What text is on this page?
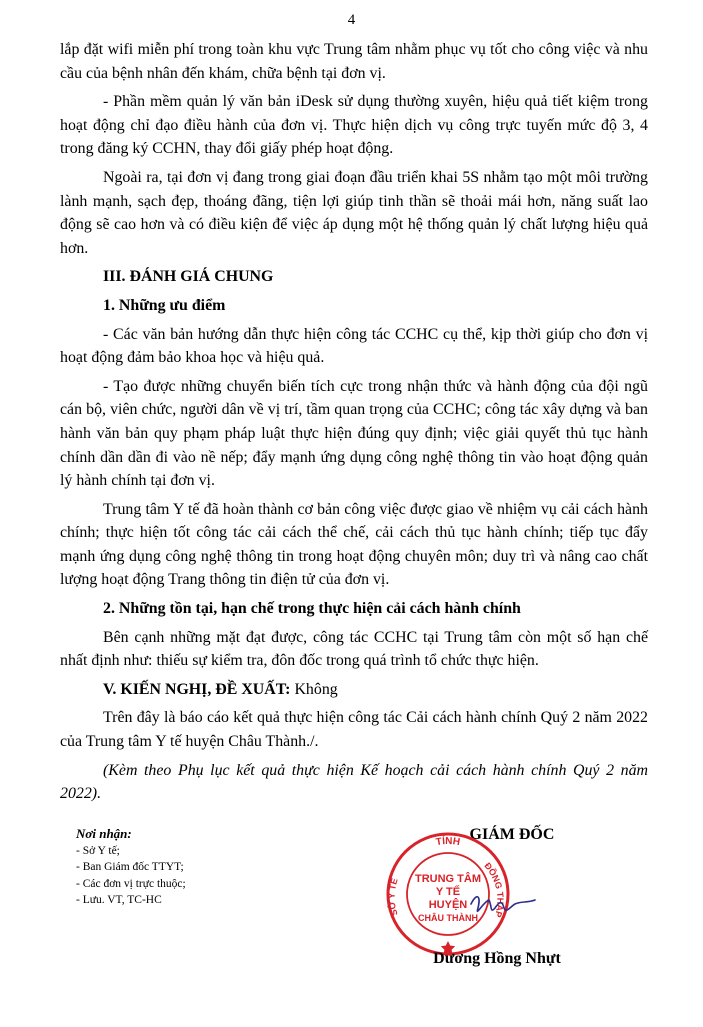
4

lắp đặt wifi miễn phí trong toàn khu vực Trung tâm nhằm phục vụ tốt cho công việc và nhu cầu của bệnh nhân đến khám, chữa bệnh tại đơn vị.

- Phần mềm quản lý văn bản iDesk sử dụng thường xuyên, hiệu quả tiết kiệm trong hoạt động chỉ đạo điều hành của đơn vị. Thực hiện dịch vụ công trực tuyến mức độ 3, 4 trong đăng ký CCHN, thay đổi giấy phép hoạt động.

Ngoài ra, tại đơn vị đang trong giai đoạn đầu triển khai 5S nhằm tạo một môi trường lành mạnh, sạch đẹp, thoáng đãng, tiện lợi giúp tinh thần sẽ thoải mái hơn, năng suất lao động sẽ cao hơn và có điều kiện để việc áp dụng một hệ thống quản lý chất lượng hiệu quả hơn.

III. ĐÁNH GIÁ CHUNG

1. Những ưu điểm

- Các văn bản hướng dẫn thực hiện công tác CCHC cụ thể, kịp thời giúp cho đơn vị hoạt động đảm bảo khoa học và hiệu quả.

- Tạo được những chuyển biến tích cực trong nhận thức và hành động của đội ngũ cán bộ, viên chức, người dân về vị trí, tầm quan trọng của CCHC; công tác xây dựng và ban hành văn bản quy phạm pháp luật thực hiện đúng quy định; việc giải quyết thủ tục hành chính dần dần đi vào nề nếp; đẩy mạnh ứng dụng công nghệ thông tin vào hoạt động quản lý hành chính tại đơn vị.

Trung tâm Y tế đã hoàn thành cơ bản công việc được giao về nhiệm vụ cải cách hành chính; thực hiện tốt công tác cải cách thể chế, cải cách thủ tục hành chính; tiếp tục đẩy mạnh ứng dụng công nghệ thông tin trong hoạt động chuyên môn; duy trì và nâng cao chất lượng hoạt động Trang thông tin điện tử của đơn vị.

2. Những tồn tại, hạn chế trong thực hiện cải cách hành chính

Bên cạnh những mặt đạt được, công tác CCHC tại Trung tâm còn một số hạn chế nhất định như: thiếu sự kiểm tra, đôn đốc trong quá trình tổ chức thực hiện.

V. KIẾN NGHỊ, ĐỀ XUẤT: Không

Trên đây là báo cáo kết quả thực hiện công tác Cải cách hành chính Quý 2 năm 2022 của Trung tâm Y tế huyện Châu Thành./.

(Kèm theo Phụ lục kết quả thực hiện Kế hoạch cải cách hành chính Quý 2 năm 2022).

Nơi nhận:
- Sở Y tế;
- Ban Giám đốc TTYT;
- Các đơn vị trực thuộc;
- Lưu. VT, TC-HC
GIÁM ĐỐC
TỈNH
ĐỒNG THÁP
SỞ Y TẾ TRUNG TÂM
Y TẾ
HUYỆN
CHÂU THÀNH
Dương Hồng Nhựt
